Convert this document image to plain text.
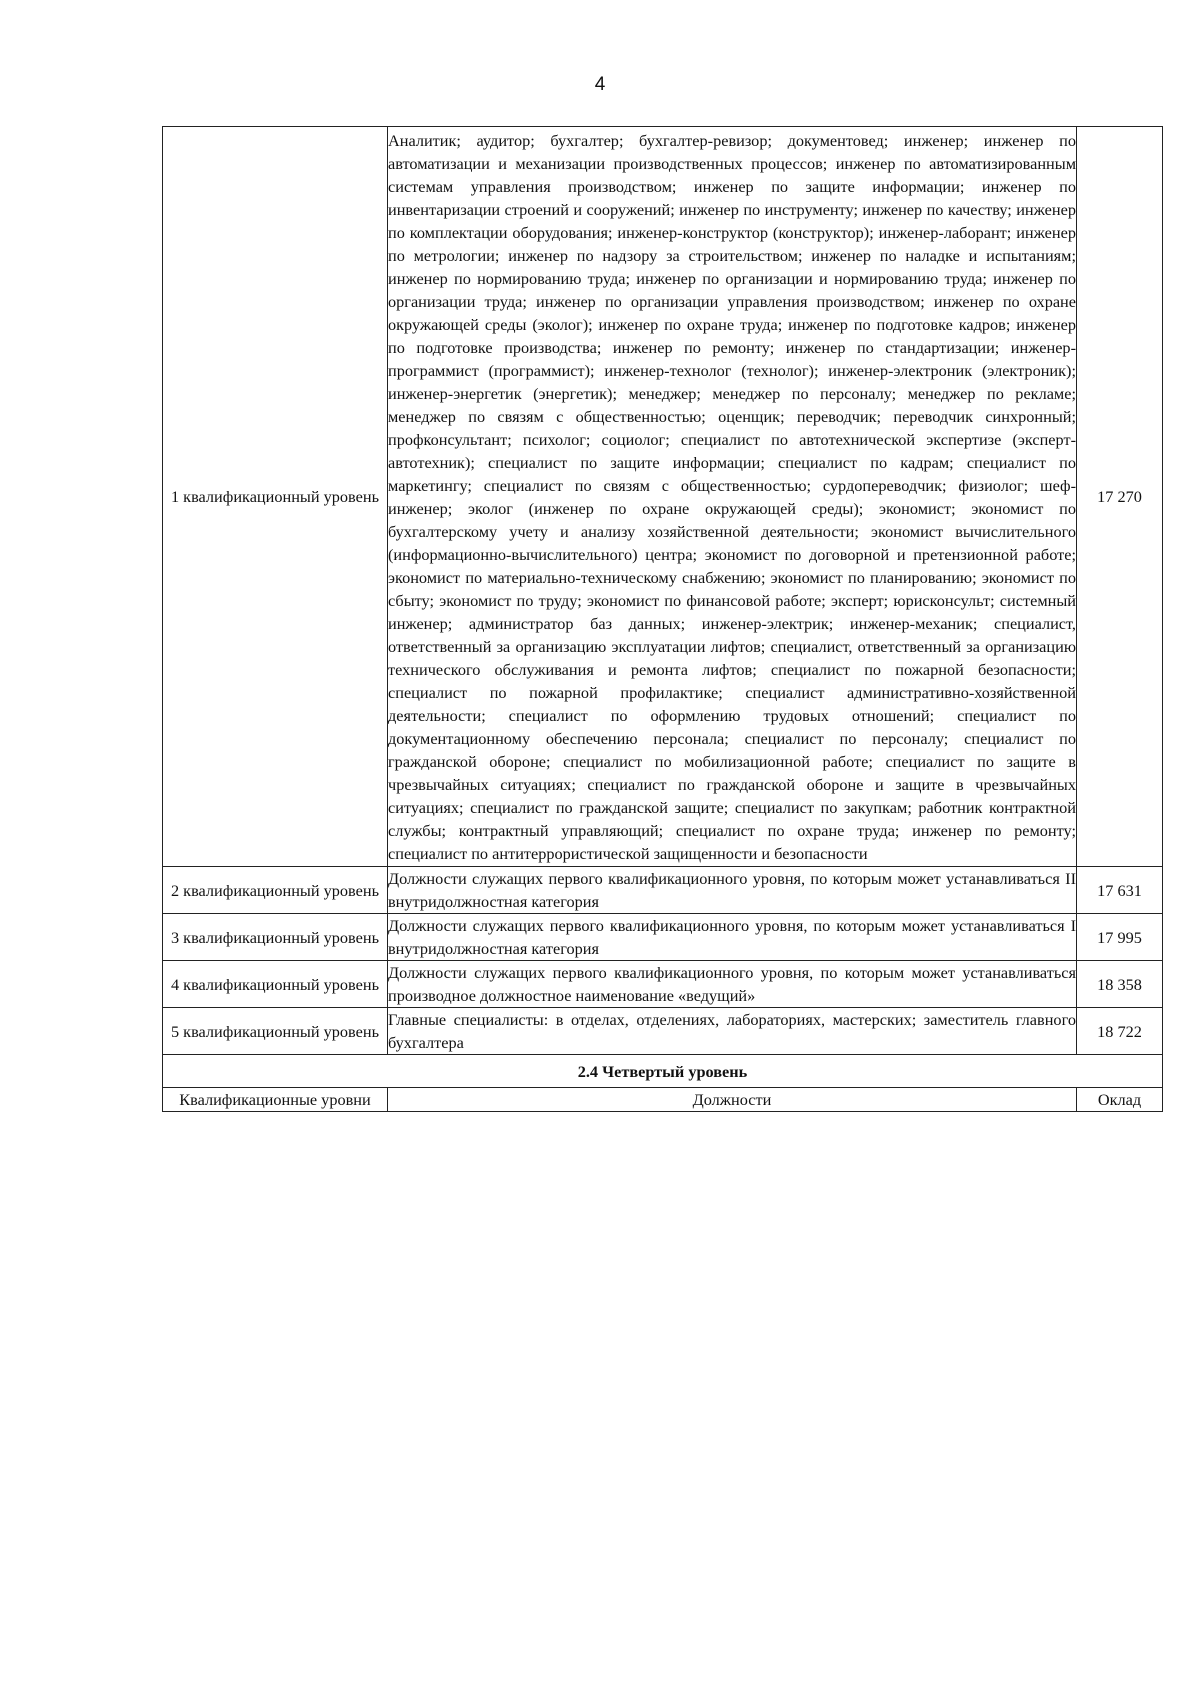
4
1 квалификационный уровень	Аналитик; аудитор; бухгалтер; бухгалтер-ревизор; документовед; инженер; инженер по автоматизации и механизации производственных процессов; инженер по автоматизированным системам управления производством; инженер по защите информации; инженер по инвентаризации строений и сооружений; инженер по инструменту; инженер по качеству; инженер по комплектации оборудования; инженер-конструктор (конструктор); инженер-лаборант; инженер по метрологии; инженер по надзору за строительством; инженер по наладке и испытаниям; инженер по нормированию труда; инженер по организации и нормированию труда; инженер по организации труда; инженер по организации управления производством; инженер по охране окружающей среды (эколог); инженер по охране труда; инженер по подготовке кадров; инженер по подготовке производства; инженер по ремонту; инженер по стандартизации; инженер-программист (программист); инженер-технолог (технолог); инженер-электроник (электроник); инженер-энергетик (энергетик); менеджер; менеджер по персоналу; менеджер по рекламе; менеджер по связям с общественностью; оценщик; переводчик; переводчик синхронный; профконсультант; психолог; социолог; специалист по автотехнической экспертизе (эксперт-автотехник); специалист по защите информации; специалист по кадрам; специалист по маркетингу; специалист по связям с общественностью; сурдопереводчик; физиолог; шеф-инженер; эколог (инженер по охране окружающей среды); экономист; экономист по бухгалтерскому учету и анализу хозяйственной деятельности; экономист вычислительного (информационно-вычислительного) центра; экономист по договорной и претензионной работе; экономист по материально-техническому снабжению; экономист по планированию; экономист по сбыту; экономист по труду; экономист по финансовой работе; эксперт; юрисконсульт; системный инженер; администратор баз данных; инженер-электрик; инженер-механик; специалист, ответственный за организацию эксплуатации лифтов; специалист, ответственный за организацию технического обслуживания и ремонта лифтов; специалист по пожарной безопасности; специалист по пожарной профилактике; специалист административно-хозяйственной деятельности; специалист по оформлению трудовых отношений; специалист по документационному обеспечению персонала; специалист по персоналу; специалист по гражданской обороне; специалист по мобилизационной работе; специалист по защите в чрезвычайных ситуациях; специалист по гражданской обороне и защите в чрезвычайных ситуациях; специалист по гражданской защите; специалист по закупкам; работник контрактной службы; контрактный управляющий; специалист по охране труда; инженер по ремонту; специалист по антитеррористической защищенности и безопасности	17 270
2 квалификационный уровень	Должности служащих первого квалификационного уровня, по которым может устанавливаться II внутридолжностная категория	17 631
3 квалификационный уровень	Должности служащих первого квалификационного уровня, по которым может устанавливаться I внутридолжностная категория	17 995
4 квалификационный уровень	Должности служащих первого квалификационного уровня, по которым может устанавливаться производное должностное наименование «ведущий»	18 358
5 квалификационный уровень	Главные специалисты: в отделах, отделениях, лабораториях, мастерских; заместитель главного бухгалтера	18 722
2.4 Четвертый уровень		
Квалификационные уровни	Должности	Оклад
